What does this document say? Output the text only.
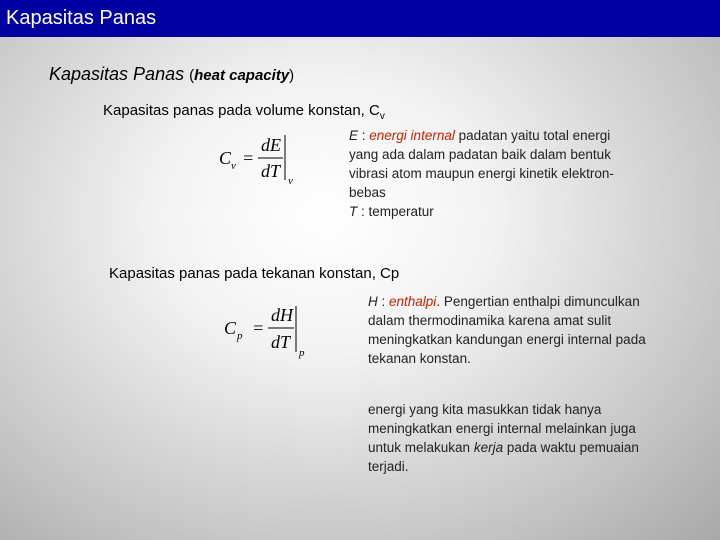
Kapasitas Panas
Kapasitas Panas (heat capacity)
Kapasitas panas pada volume konstan, $C_v$
C v =
dE
dT v
E : energi internal padatan yaitu total energi yang ada dalam padatan baik dalam bentuk vibrasi atom maupun energi kinetik elektron-bebas
T : temperatur
Kapasitas panas pada tekanan konstan, Cp
C p =
dH
dT
p
H : enthalpi. Pengertian enthalpi dimunculkan dalam thermodinamika karena amat sulit meningkatkan kandungan energi internal pada tekanan konstan.
energi yang kita masukkan tidak hanya meningkatkan energi internal melainkan juga untuk melakukan kerja pada waktu pemuaian terjadi.
